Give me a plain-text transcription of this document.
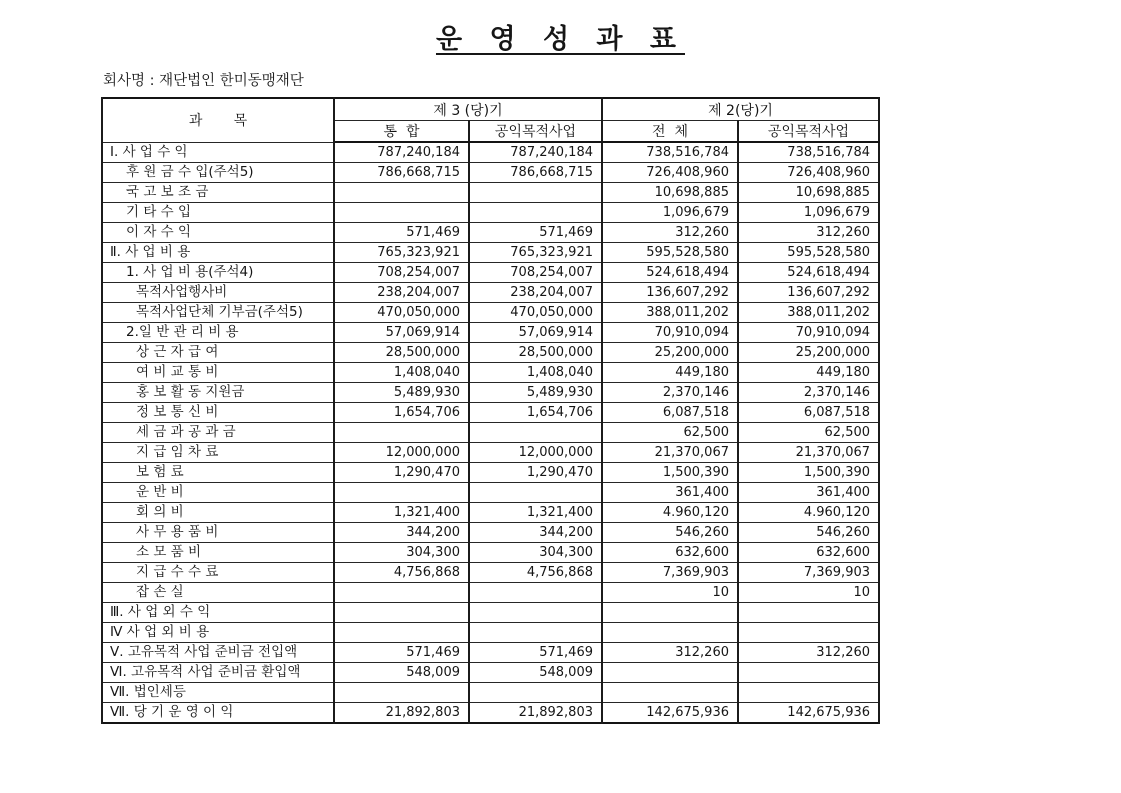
운 영 성 과 표
회사명 : 재단법인 한미동맹재단
과       목	제 3 (당)기		제 2(당)기	
	통  합	공익목적사업	전  체	공익목적사업
Ⅰ. 사 업 수 익	787,240,184	787,240,184	738,516,784	738,516,784
후 원 금 수 입(주석5)	786,668,715	786,668,715	726,408,960	726,408,960
국 고 보 조 금			10,698,885	10,698,885
기 타 수 입			1,096,679	1,096,679
이 자 수 익	571,469	571,469	312,260	312,260
Ⅱ. 사 업 비 용	765,323,921	765,323,921	595,528,580	595,528,580
1. 사 업 비 용(주석4)	708,254,007	708,254,007	524,618,494	524,618,494
목적사업행사비	238,204,007	238,204,007	136,607,292	136,607,292
목적사업단체 기부금(주석5)	470,050,000	470,050,000	388,011,202	388,011,202
2.일 반 관 리 비 용	57,069,914	57,069,914	70,910,094	70,910,094
상 근 자 급 여	28,500,000	28,500,000	25,200,000	25,200,000
여 비 교 통 비	1,408,040	1,408,040	449,180	449,180
홍 보 활 동 지원금	5,489,930	5,489,930	2,370,146	2,370,146
정 보 통 신 비	1,654,706	1,654,706	6,087,518	6,087,518
세 금 과 공 과 금			62,500	62,500
지 급 임 차 료	12,000,000	12,000,000	21,370,067	21,370,067
보 험 료	1,290,470	1,290,470	1,500,390	1,500,390
운 반 비			361,400	361,400
회 의 비	1,321,400	1,321,400	4.960,120	4.960,120
사 무 용 품 비	344,200	344,200	546,260	546,260
소 모 품 비	304,300	304,300	632,600	632,600
지 급 수 수 료	4,756,868	4,756,868	7,369,903	7,369,903
잡 손 실			10	10
Ⅲ. 사 업 외 수 익				
Ⅳ 사 업 외 비 용				
Ⅴ. 고유목적 사업 준비금 전입액	571,469	571,469	312,260	312,260
Ⅵ. 고유목적 사업 준비금 환입액	548,009	548,009		
Ⅶ. 법인세등				
Ⅶ. 당 기 운 영 이 익	21,892,803	21,892,803	142,675,936	142,675,936
